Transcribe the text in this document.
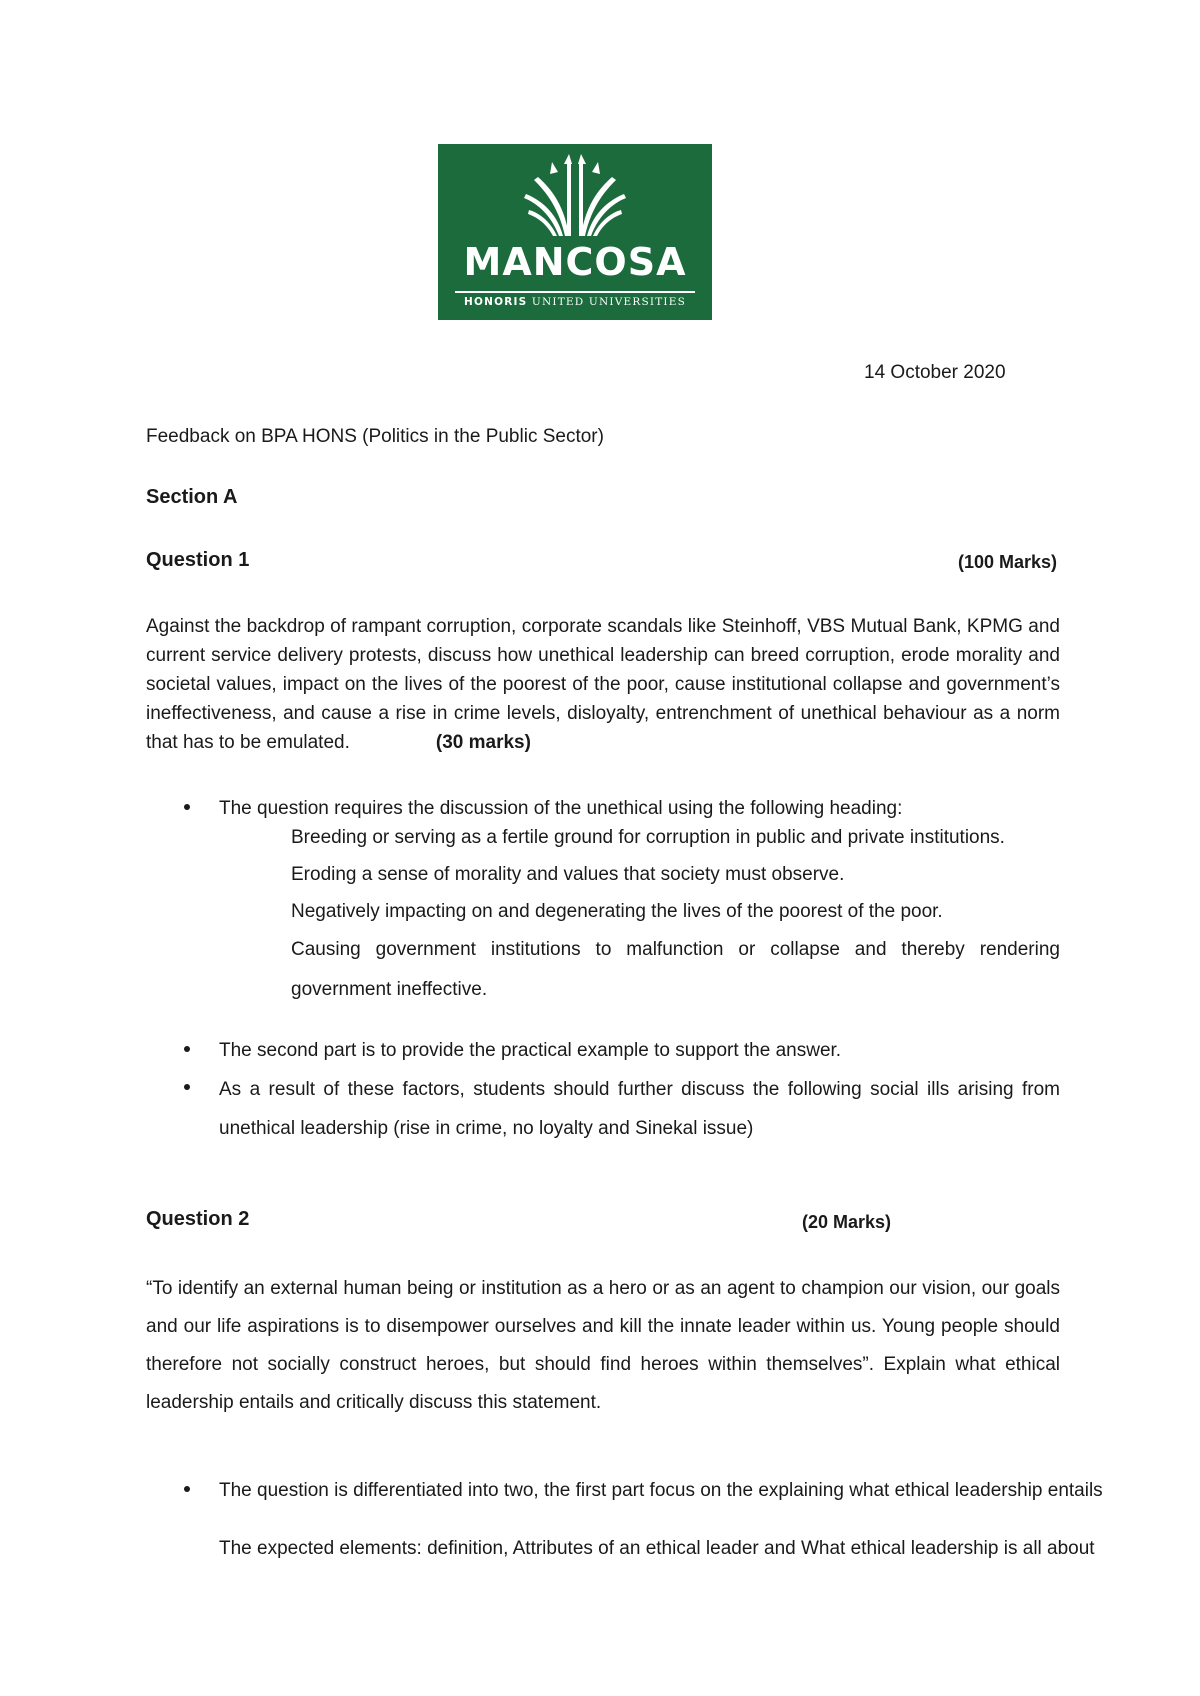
MANCOSA
HONORIS UNITED UNIVERSITIES
14 October 2020
Feedback on BPA HONS (Politics in the Public Sector)
Section A
Question 1	(100 Marks)
Against the backdrop of rampant corruption, corporate scandals like Steinhoff, VBS Mutual Bank, KPMG and current service delivery protests, discuss how unethical leadership can breed corruption, erode morality and societal values, impact on the lives of the poorest of the poor, cause institutional collapse and government’s ineffectiveness, and cause a rise in crime levels, disloyalty, entrenchment of unethical behaviour as a norm that has to be emulated.	(30 marks)
The question requires the discussion of the unethical using the following heading:
Breeding or serving as a fertile ground for corruption in public and private institutions.
Eroding a sense of morality and values that society must observe.
Negatively impacting on and degenerating the lives of the poorest of the poor.
Causing government institutions to malfunction or collapse and thereby rendering government ineffective.
The second part is to provide the practical example to support the answer.
As a result of these factors, students should further discuss the following social ills arising from unethical leadership (rise in crime, no loyalty and Sinekal issue)
Question 2	(20 Marks)
“To identify an external human being or institution as a hero or as an agent to champion our vision, our goals and our life aspirations is to disempower ourselves and kill the innate leader within us. Young people should therefore not socially construct heroes, but should find heroes within themselves”. Explain what ethical leadership entails and critically discuss this statement.
The question is differentiated into two, the first part focus on the explaining what ethical leadership entails
The expected elements: definition, Attributes of an ethical leader and What ethical leadership is all about
